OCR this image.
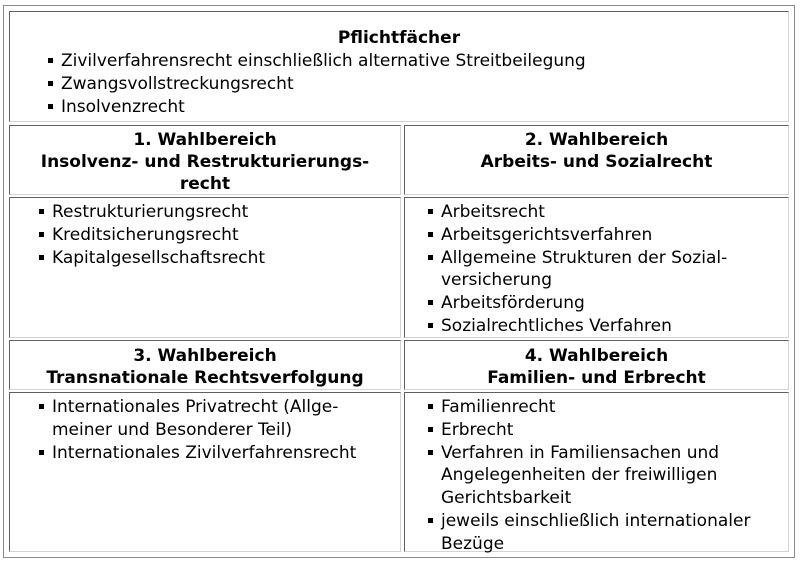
Pflichtfächer
Zivilverfahrensrecht einschließlich alternative Streitbeilegung
Zwangsvollstreckungsrecht
Insolvenzrecht
1. Wahlbereich
Insolvenz- und Restrukturierungs-
recht
2. Wahlbereich
Arbeits- und Sozialrecht
Restrukturierungsrecht
Kreditsicherungsrecht
Kapitalgesellschaftsrecht
Arbeitsrecht
Arbeitsgerichtsverfahren
Allgemeine Strukturen der Sozial-
versicherung
Arbeitsförderung
Sozialrechtliches Verfahren
3. Wahlbereich
Transnationale Rechtsverfolgung
4. Wahlbereich
Familien- und Erbrecht
Internationales Privatrecht (Allge-
meiner und Besonderer Teil)
Internationales Zivilverfahrensrecht
Familienrecht
Erbrecht
Verfahren in Familiensachen und
Angelegenheiten der freiwilligen
Gerichtsbarkeit
jeweils einschließlich internationaler
Bezüge
